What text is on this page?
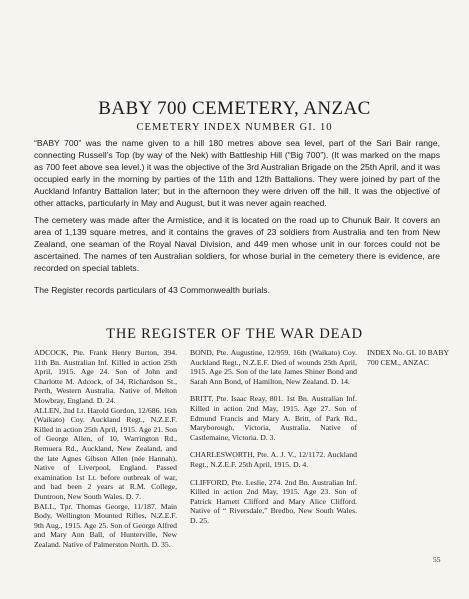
BABY 700 CEMETERY, ANZAC
CEMETERY INDEX NUMBER GI. 10
“BABY 700” was the name given to a hill 180 metres above sea level, part of the Sari Bair range, connecting Russell’s Top (by way of the Nek) with Battleship Hill (“Big 700”). (It was marked on the maps as 700 feet above sea level.) it was the objective of the 3rd Australian Brigade on the 25th April, and it was occupied early in the morning by parties of the 11th and 12th Battalions. They were joined by part of the Auckland Infantry Battalion later; but in the afternoon they were driven off the hill. It was the objective of other attacks, particularly in May and August, but it was never again reached.
The cemetery was made after the Armistice, and it is located on the road up to Chunuk Bair. It covers an area of 1,139 square metres, and it contains the graves of 23 soldiers from Australia and ten from New Zealand, one seaman of the Royal Naval Division, and 449 men whose unit in our forces could not be ascertained. The names of ten Australian soldiers, for whose burial in the cemetery there is evidence, are recorded on special tablets.
The Register records particulars of 43 Commonwealth burials.
THE REGISTER OF THE WAR DEAD
ADCOCK, Pte. Frank Henry Burton, 394. 11th Bn. Australian Inf. Killed in action 25th April, 1915. Age 24. Son of John and Charlotte M. Adcock, of 34, Richardson St., Perth, Western Australia. Native of Melton Mowbray, England. D. 24.
ALLEN, 2nd Lt. Harold Gordon, 12/686. 16th (Waikato) Coy. Auckland Regt., N.Z.E.F. Killed in action 25th April, 1915. Age 21. Son of George Allen, of 10, Warrington Rd., Remuera Rd., Auckland, New Zealand, and the late Agnes Gibson Allen (née Hannah). Native of Liverpool, England. Passed examination 1st Lt. before outbreak of war, and had been 2 years at R.M. College, Duntroon, New South Wales. D. 7.
BALL, Tpr. Thomas George, 11/187. Main Body, Wellington Mounted Rifles, N.Z.E.F. 9th Aug., 1915. Age 25. Son of George Alfred and Mary Ann Ball, of Hunterville, New Zealand. Native of Palmerston North. D. 35.
BOND, Pte. Augustine, 12/959. 16th (Waikato) Coy. Auckland Regt., N.Z.E.F. Died of wounds 25th April, 1915. Age 25. Son of the late James Shiner Bond and Sarah Ann Bond, of Hamilton, New Zealand. D. 14.
BRITT, Pte. Isaac Reay, 801. 1st Bn. Australian Inf. Killed in action 2nd May, 1915. Age 27. Son of Edmund Francis and Mary A. Britt, of Park Rd., Maryborough, Victoria, Australia. Native of Castlemaine, Victoria. D. 3.
CHARLESWORTH, Pte. A. J. V., 12/1172. Auckland Regt., N.Z.E.F. 25th April, 1915. D. 4.
CLIFFORD, Pte. Leslie, 274. 2nd Bn. Australian Inf. Killed in action 2nd May, 1915. Age 23. Son of Patrick Harnett Clifford and Mary Alice Clifford. Native of “ Riversdale,” Bredbo, New South Wales. D. 25.
INDEX No. GI. 10 BABY 700 CEM., ANZAC
55
